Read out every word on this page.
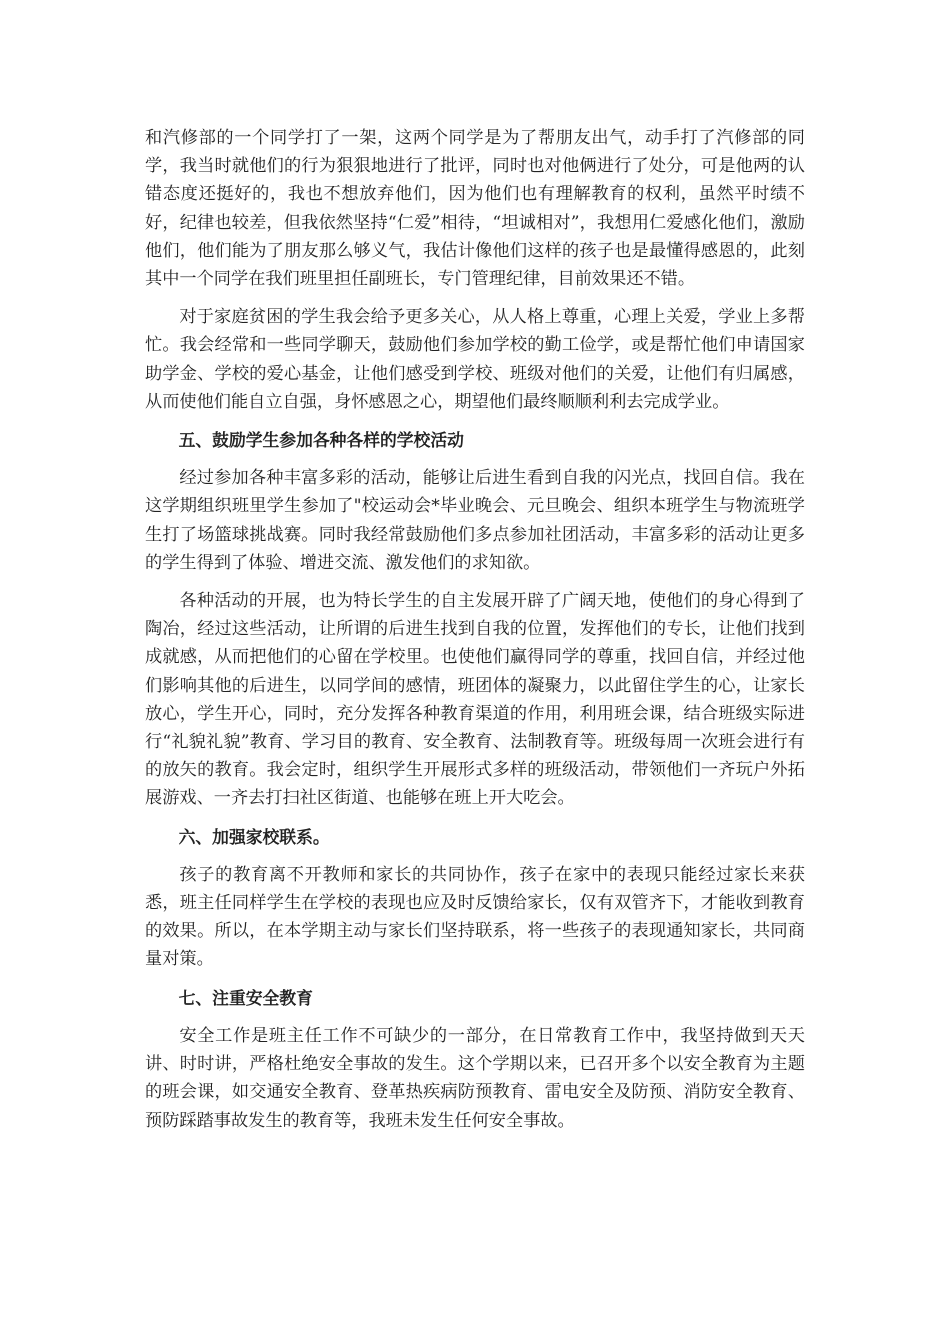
和汽修部的一个同学打了一架，这两个同学是为了帮朋友出气，动手打了汽修部的同学，我当时就他们的行为狠狠地进行了批评，同时也对他俩进行了处分，可是他两的认错态度还挺好的，我也不想放弃他们，因为他们也有理解教育的权利，虽然平时绩不好，纪律也较差，但我依然坚持“仁爱”相待，“坦诚相对”，我想用仁爱感化他们，激励他们，他们能为了朋友那么够义气，我估计像他们这样的孩子也是最懂得感恩的，此刻其中一个同学在我们班里担任副班长，专门管理纪律，目前效果还不错。

对于家庭贫困的学生我会给予更多关心，从人格上尊重，心理上关爱，学业上多帮忙。我会经常和一些同学聊天，鼓励他们参加学校的勤工俭学，或是帮忙他们申请国家助学金、学校的爱心基金，让他们感受到学校、班级对他们的关爱，让他们有归属感，从而使他们能自立自强，身怀感恩之心，期望他们最终顺顺利利去完成学业。

五、鼓励学生参加各种各样的学校活动

经过参加各种丰富多彩的活动，能够让后进生看到自我的闪光点，找回自信。我在这学期组织班里学生参加了"校运动会*毕业晚会、元旦晚会、组织本班学生与物流班学生打了场篮球挑战赛。同时我经常鼓励他们多点参加社团活动，丰富多彩的活动让更多的学生得到了体验、增进交流、激发他们的求知欲。

各种活动的开展，也为特长学生的自主发展开辟了广阔天地，使他们的身心得到了陶冶，经过这些活动，让所谓的后进生找到自我的位置，发挥他们的专长，让他们找到成就感，从而把他们的心留在学校里。也使他们赢得同学的尊重，找回自信，并经过他们影响其他的后进生，以同学间的感情，班团体的凝聚力，以此留住学生的心，让家长放心，学生开心，同时，充分发挥各种教育渠道的作用，利用班会课，结合班级实际进行“礼貌礼貌”教育、学习目的教育、安全教育、法制教育等。班级每周一次班会进行有的放矢的教育。我会定时，组织学生开展形式多样的班级活动，带领他们一齐玩户外拓展游戏、一齐去打扫社区街道、也能够在班上开大吃会。

六、加强家校联系。

孩子的教育离不开教师和家长的共同协作，孩子在家中的表现只能经过家长来获悉，班主任同样学生在学校的表现也应及时反馈给家长，仅有双管齐下，才能收到教育的效果。所以，在本学期主动与家长们坚持联系，将一些孩子的表现通知家长，共同商量对策。

七、注重安全教育

安全工作是班主任工作不可缺少的一部分，在日常教育工作中，我坚持做到天天讲、时时讲，严格杜绝安全事故的发生。这个学期以来，已召开多个以安全教育为主题的班会课，如交通安全教育、登革热疾病防预教育、雷电安全及防预、消防安全教育、预防踩踏事故发生的教育等，我班未发生任何安全事故。
